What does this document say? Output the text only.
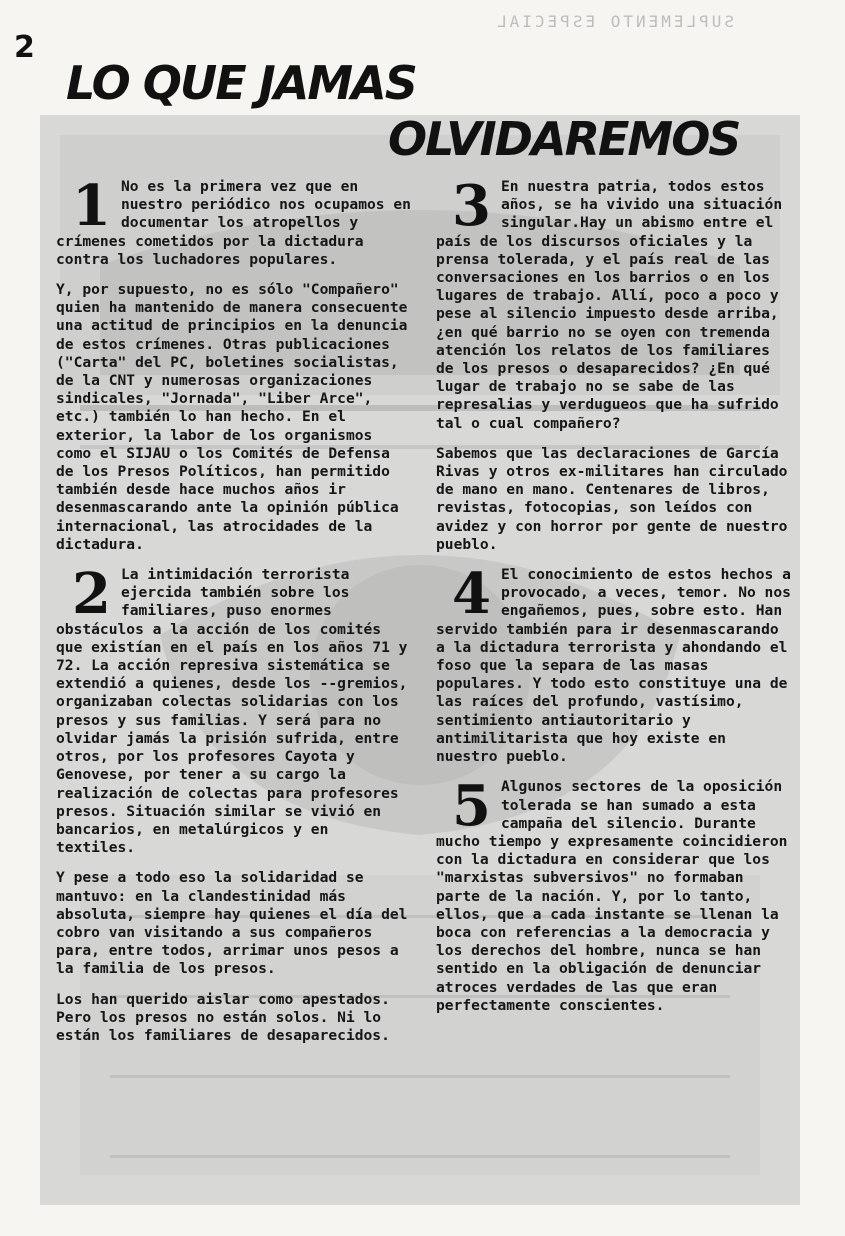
2
SUPLEMENTO ESPECIAL
LO QUE JAMAS
OLVIDAREMOS

1 No es la primera vez que en nuestro periódico nos ocupamos en documentar los atropellos y crímenes cometidos por la dictadura contra los luchadores populares.

Y, por supuesto, no es sólo "Compañero" quien ha mantenido de manera consecuente una actitud de principios en la denuncia de estos crímenes. Otras publicaciones ("Carta" del PC, boletines socialistas, de la CNT y numerosas organizaciones sindicales, "Jornada", "Liber Arce", etc.) también lo han hecho. En el exterior, la labor de los organismos como el SIJAU o los Comités de Defensa de los Presos Políticos, han permitido también desde hace muchos años ir desenmascarando ante la opinión pública internacional, las atrocidades de la dictadura.

2 La intimidación terrorista ejercida también sobre los familiares, puso enormes obstáculos a la acción de los comités que existían en el país en los años 71 y 72. La acción represiva sistemática se extendió a quienes, desde los --gremios, organizaban colectas solidarias con los presos y sus familias. Y será para no olvidar jamás la prisión sufrida, entre otros, por los profesores Cayota y Genovese, por tener a su cargo la realización de colectas para profesores presos. Situación similar se vivió en bancarios, en metalúrgicos y en textiles.

Y pese a todo eso la solidaridad se mantuvo: en la clandestinidad más absoluta, siempre hay quienes el día del cobro van visitando a sus compañeros para, entre todos, arrimar unos pesos a la familia de los presos.

Los han querido aislar como apestados. Pero los presos no están solos. Ni lo están los familiares de desaparecidos.

3 En nuestra patria, todos estos años, se ha vivido una situación singular.Hay un abismo entre el país de los discursos oficiales y la prensa tolerada, y el país real de las conversaciones en los barrios o en los lugares de trabajo. Allí, poco a poco y pese al silencio impuesto desde arriba,¿en qué barrio no se oyen con tremenda atención los relatos de los familiares de los presos o desaparecidos? ¿En qué lugar de trabajo no se sabe de las represalias y verdugueos que ha sufrido tal o cual compañero?

Sabemos que las declaraciones de García Rivas y otros ex-militares han circulado de mano en mano. Centenares de libros, revistas, fotocopias, son leídos con avidez y con horror por gente de nuestro pueblo.

4 El conocimiento de estos hechos a provocado, a veces, temor. No nos engañemos, pues, sobre esto. Han servido también para ir desenmascarando a la dictadura terrorista y ahondando el foso que la separa de las masas populares. Y todo esto constituye una de las raíces del profundo, vastísimo, sentimiento antiautoritario y antimilitarista que hoy existe en nuestro pueblo.

5 Algunos sectores de la oposición tolerada se han sumado a esta campaña del silencio. Durante mucho tiempo y expresamente coincidieron con la dictadura en considerar que los "marxistas subversivos" no formaban parte de la nación. Y, por lo tanto, ellos, que a cada instante se llenan la boca con referencias a la democracia y los derechos del hombre, nunca se han sentido en la obligación de denunciar atroces verdades de las que eran perfectamente conscientes.
